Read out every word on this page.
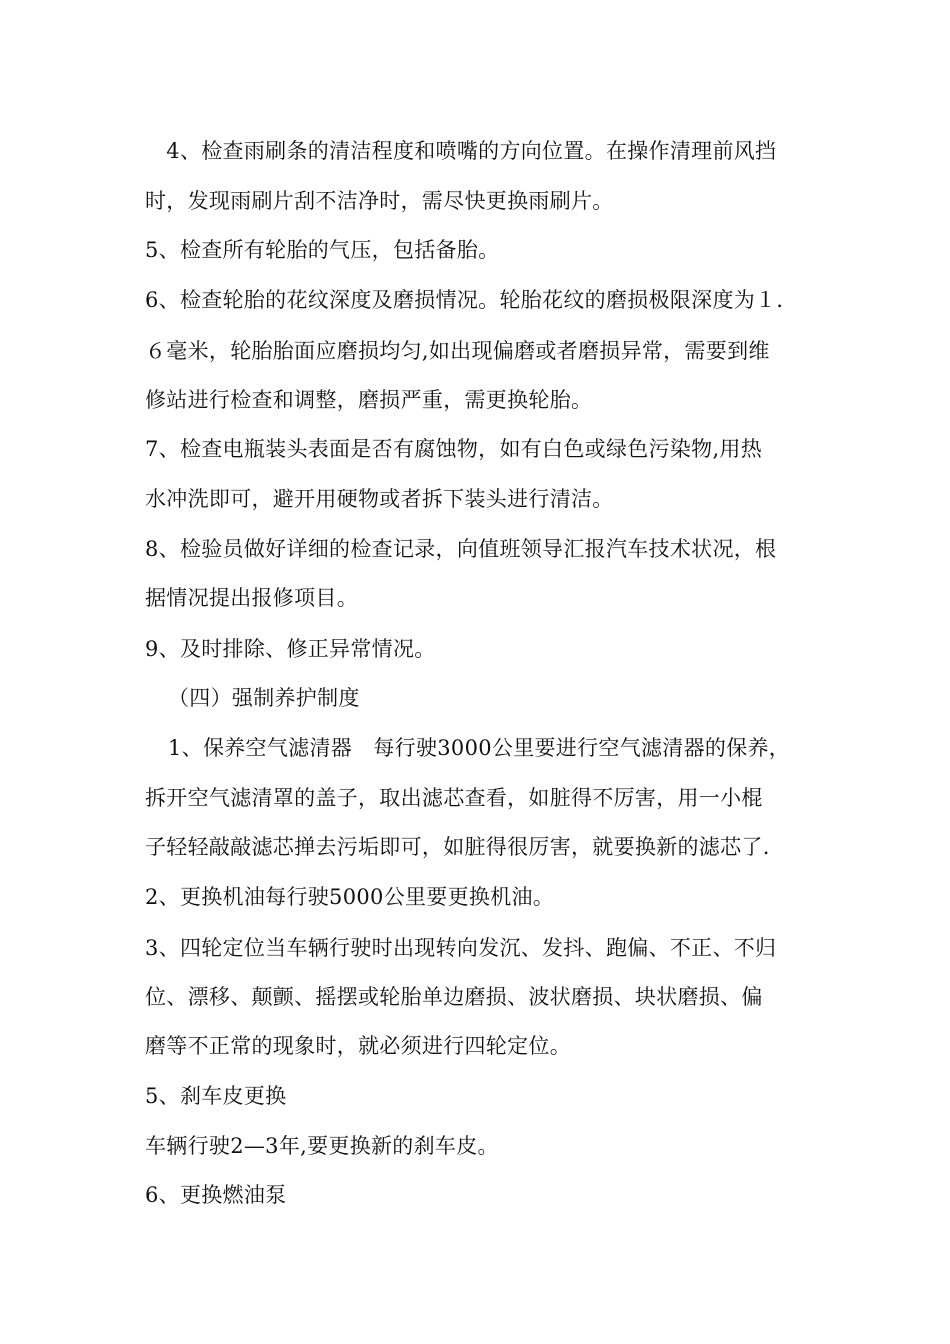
　4、检查雨刷条的清洁程度和喷嘴的方向位置。在操作清理前风挡
时，发现雨刷片刮不洁净时，需尽快更换雨刷片。
5、检查所有轮胎的气压，包括备胎。
6、检查轮胎的花纹深度及磨损情况。轮胎花纹的磨损极限深度为１．
６毫米，轮胎胎面应磨损均匀,如出现偏磨或者磨损异常，需要到维
修站进行检查和调整，磨损严重，需更换轮胎。
7、检查电瓶装头表面是否有腐蚀物，如有白色或绿色污染物,用热
水冲洗即可，避开用硬物或者拆下装头进行清洁。
8、检验员做好详细的检查记录，向值班领导汇报汽车技术状况，根
据情况提出报修项目。
9、及时排除、修正异常情况。
（四）强制养护制度
1、保养空气滤清器　每行驶3000公里要进行空气滤清器的保养，
拆开空气滤清罩的盖子，取出滤芯查看，如脏得不厉害，用一小棍
子轻轻敲敲滤芯掸去污垢即可，如脏得很厉害，就要换新的滤芯了.
2、更换机油每行驶5000公里要更换机油。
3、四轮定位当车辆行驶时出现转向发沉、发抖、跑偏、不正、不归
位、漂移、颠颤、摇摆或轮胎单边磨损、波状磨损、块状磨损、偏
磨等不正常的现象时，就必须进行四轮定位。
5、刹车皮更换
车辆行驶2—3年,要更换新的刹车皮。
6、更换燃油泵
